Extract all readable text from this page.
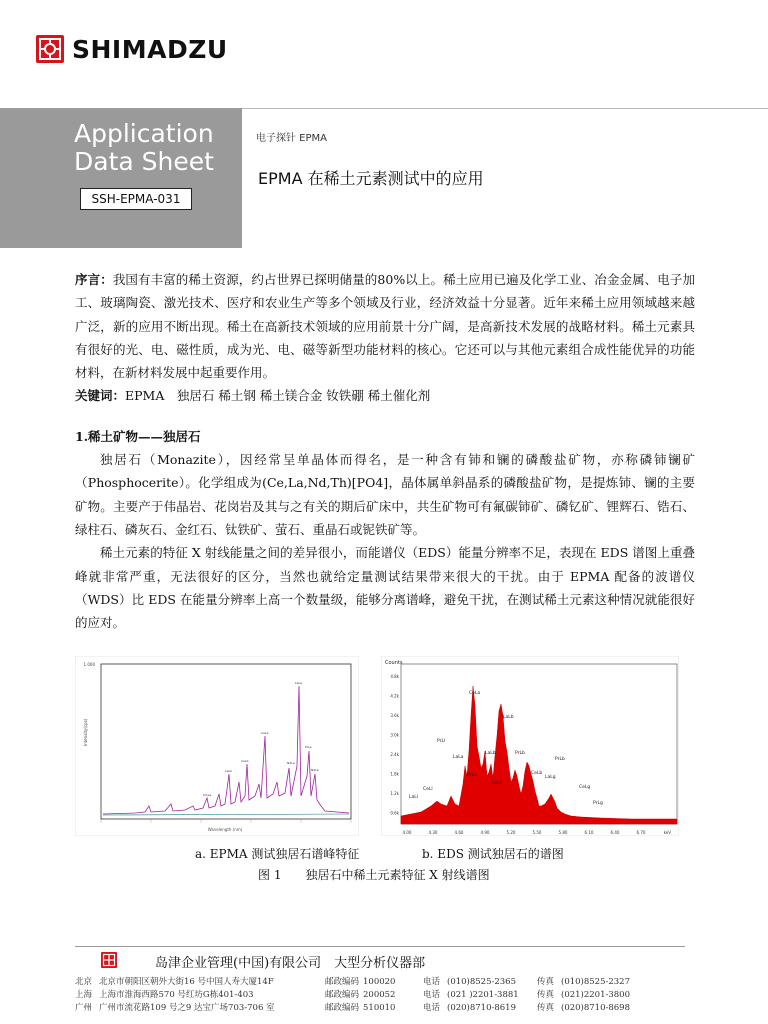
SHIMADZU
Application
Data Sheet
SSH-EPMA-031
电子探针 EPMA
EPMA 在稀土元素测试中的应用

序言：我国有丰富的稀土资源，约占世界已探明储量的80%以上。稀土应用已遍及化学工业、冶金金属、电子加工、玻璃陶瓷、激光技术、医疗和农业生产等多个领域及行业，经济效益十分显著。近年来稀土应用领域越来越广泛，新的应用不断出现。稀土在高新技术领域的应用前景十分广阔，是高新技术发展的战略材料。稀土元素具有很好的光、电、磁性质，成为光、电、磁等新型功能材料的核心。它还可以与其他元素组合成性能优异的功能材料，在新材料发展中起重要作用。

关键词：EPMA　独居石 稀土钢 稀土镁合金 钕铁硼 稀土催化剂

1.稀土矿物——独居石

独居石（Monazite），因经常呈单晶体而得名，是一种含有铈和镧的磷酸盐矿物，亦称磷铈镧矿（Phosphocerite）。化学组成为(Ce,La,Nd,Th)[PO4]，晶体属单斜晶系的磷酸盐矿物，是提炼铈、镧的主要矿物。主要产于伟晶岩、花岗岩及其与之有关的期后矿床中，共生矿物可有氟碳铈矿、磷钇矿、锂辉石、锆石、绿柱石、磷灰石、金红石、钛铁矿、萤石、重晶石或铌铁矿等。

稀土元素的特征 X 射线能量之间的差异很小，而能谱仪（EDS）能量分辨率不足，表现在 EDS 谱图上重叠峰就非常严重，无法很好的区分，当然也就给定量测试结果带来很大的干扰。由于 EPMA 配备的波谱仪（WDS）比 EDS 在能量分辨率上高一个数量级，能够分离谱峰，避免干扰，在测试稀土元素这种情况就能很好的应对。

1.000
Intensity(cps)
Wavelength (nm)
LaLa
CeLa
NdLa
PrLa
CeLb
LaLb	NdLb
SmLa
Counts
4.8k
4.2k
3.6k
3.0k
2.4k
1.8k
1.2k
0.6k
4.00	4.30	4.60	4.90	5.20	5.50	5.80	6.10	6.40	6.70	keV
LaLl
CeLl
PrLl
LaLa
CeLa
PrLa
LaLb
CeLb
LaLb
PrLb
CeLb
PrLb
LaLg
CeLg
PrLg
a. EPMA 测试独居石谱峰特征	b. EDS 测试独居石的谱图
图 1　　独居石中稀土元素特征 X 射线谱图
岛津企业管理(中国)有限公司　大型分析仪器部
北京 北京市朝阳区朝外大街16 号中国人寿大厦14F	邮政编码 100020	电话 (010)8525-2365 传真 (010)8525-2327
上海 上海市淮海西路570 号红坊G栋401-403	邮政编码 200052	电话 (021 )2201-3881 传真 (021)2201-3800
广州 广州市流花路109 号之9 达宝广场703-706 室	邮政编码 510010	电话 (020)8710-8619 传真 (020)8710-8698
